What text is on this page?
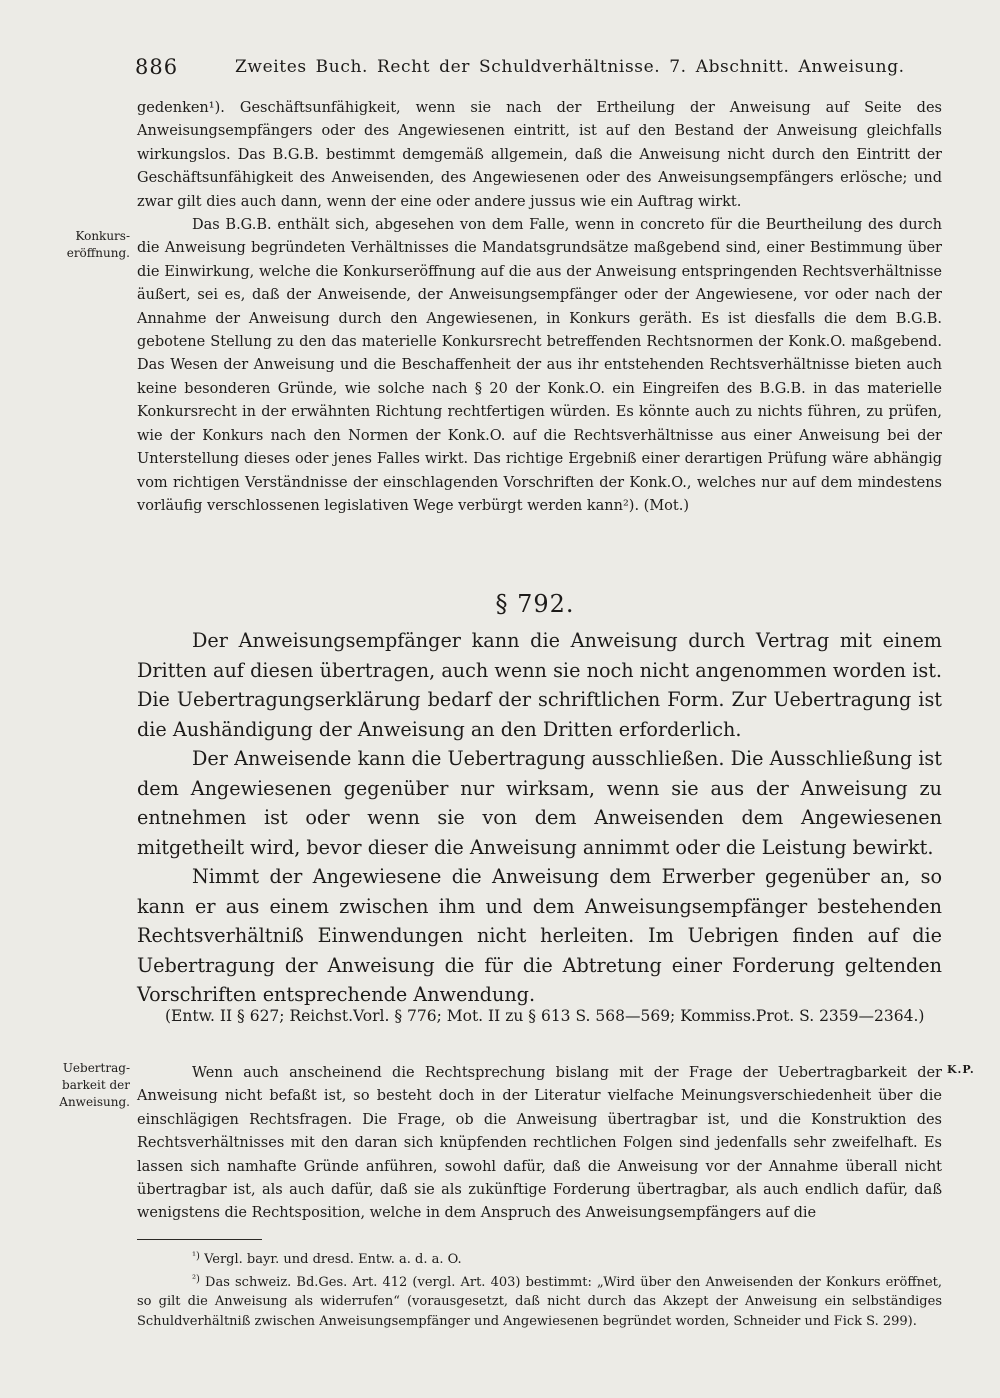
886	Zweites Buch. Recht der Schuldverhältnisse. 7. Abschnitt. Anweisung.

gedenken¹). Geschäftsunfähigkeit, wenn sie nach der Ertheilung der Anweisung auf Seite des Anweisungsempfängers oder des Angewiesenen eintritt, ist auf den Bestand der Anweisung gleichfalls wirkungslos. Das B.G.B. bestimmt demgemäß allgemein, daß die Anweisung nicht durch den Eintritt der Geschäftsunfähigkeit des Anweisenden, des Angewiesenen oder des Anweisungsempfängers erlösche; und zwar gilt dies auch dann, wenn der eine oder andere jussus wie ein Auftrag wirkt.

Das B.G.B. enthält sich, abgesehen von dem Falle, wenn in concreto für die Beurtheilung des durch die Anweisung begründeten Verhältnisses die Mandatsgrundsätze maßgebend sind, einer Bestimmung über die Einwirkung, welche die Konkurseröffnung auf die aus der Anweisung entspringenden Rechtsverhältnisse äußert, sei es, daß der Anweisende, der Anweisungsempfänger oder der Angewiesene, vor oder nach der Annahme der Anweisung durch den Angewiesenen, in Konkurs geräth. Es ist diesfalls die dem B.G.B. gebotene Stellung zu den das materielle Konkursrecht betreffenden Rechtsnormen der Konk.O. maßgebend. Das Wesen der Anweisung und die Beschaffenheit der aus ihr entstehenden Rechtsverhältnisse bieten auch keine besonderen Gründe, wie solche nach § 20 der Konk.O. ein Eingreifen des B.G.B. in das materielle Konkursrecht in der erwähnten Richtung rechtfertigen würden. Es könnte auch zu nichts führen, zu prüfen, wie der Konkurs nach den Normen der Konk.O. auf die Rechtsverhältnisse aus einer Anweisung bei der Unterstellung dieses oder jenes Falles wirkt. Das richtige Ergebniß einer derartigen Prüfung wäre abhängig vom richtigen Verständnisse der einschlagenden Vorschriften der Konk.O., welches nur auf dem mindestens vorläufig verschlossenen legislativen Wege verbürgt werden kann²). (Mot.)

Konkurs-
eröffnung.
§ 792.

Der Anweisungsempfänger kann die Anweisung durch Vertrag mit einem Dritten auf diesen übertragen, auch wenn sie noch nicht angenommen worden ist. Die Uebertragungserklärung bedarf der schriftlichen Form. Zur Uebertragung ist die Aushändigung der Anweisung an den Dritten erforderlich.

Der Anweisende kann die Uebertragung ausschließen. Die Ausschließung ist dem Angewiesenen gegenüber nur wirksam, wenn sie aus der Anweisung zu entnehmen ist oder wenn sie von dem Anweisenden dem Angewiesenen mitgetheilt wird, bevor dieser die Anweisung annimmt oder die Leistung bewirkt.

Nimmt der Angewiesene die Anweisung dem Erwerber gegenüber an, so kann er aus einem zwischen ihm und dem Anweisungsempfänger bestehenden Rechtsverhältniß Einwendungen nicht herleiten. Im Uebrigen finden auf die Uebertragung der Anweisung die für die Abtretung einer Forderung geltenden Vorschriften entsprechende Anwendung.

(Entw. II § 627; Reichst.Vorl. § 776; Mot. II zu § 613 S. 568—569; Kommiss.Prot. S. 2359—2364.)

Uebertrag-
barkeit der
Anweisung.
K.P.

Wenn auch anscheinend die Rechtsprechung bislang mit der Frage der Uebertragbarkeit der Anweisung nicht befaßt ist, so besteht doch in der Literatur vielfache Meinungsverschiedenheit über die einschlägigen Rechtsfragen. Die Frage, ob die Anweisung übertragbar ist, und die Konstruktion des Rechtsverhältnisses mit den daran sich knüpfenden rechtlichen Folgen sind jedenfalls sehr zweifelhaft. Es lassen sich namhafte Gründe anführen, sowohl dafür, daß die Anweisung vor der Annahme überall nicht übertragbar ist, als auch dafür, daß sie als zukünftige Forderung übertragbar, als auch endlich dafür, daß wenigstens die Rechtsposition, welche in dem Anspruch des Anweisungsempfängers auf die

$^{^1)}$ Vergl. bayr. und dresd. Entw. a. d. a. O.

$^{^2)}$ Das schweiz. Bd.Ges. Art. 412 (vergl. Art. 403) bestimmt: „Wird über den Anweisenden der Konkurs eröffnet, so gilt die Anweisung als widerrufen“ (vorausgesetzt, daß nicht durch das Akzept der Anweisung ein selbständiges Schuldverhältniß zwischen Anweisungsempfänger und Angewiesenen begründet worden, Schneider und Fick S. 299).
